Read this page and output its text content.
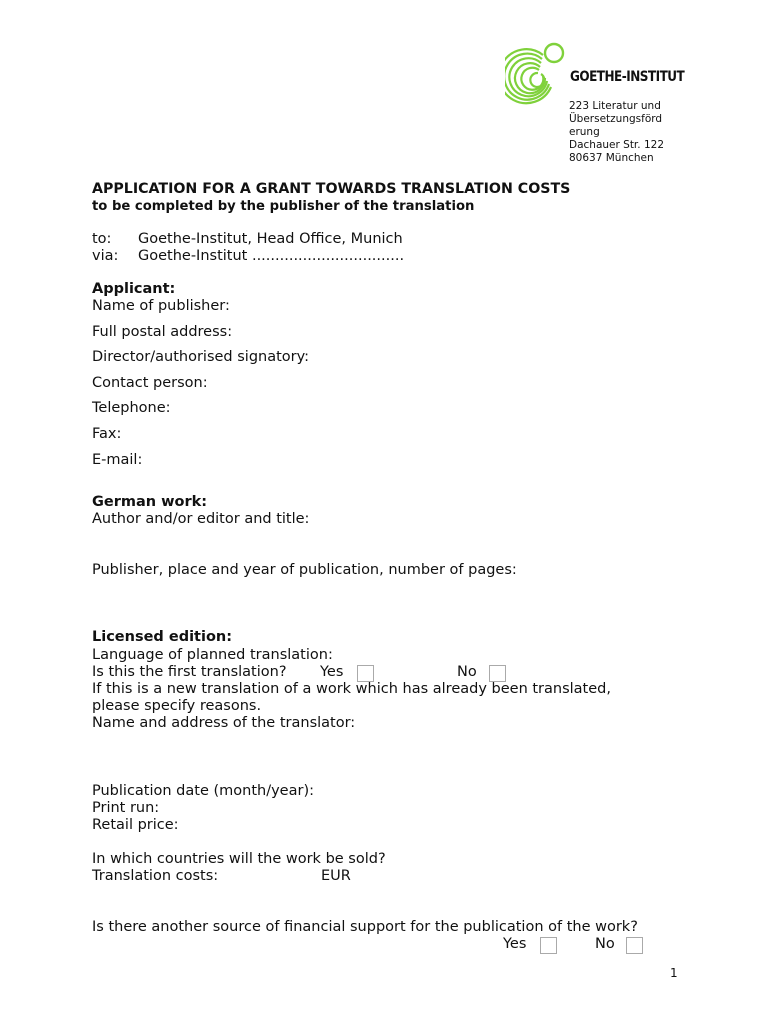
GOETHE-INSTITUT
223 Literatur und
Übersetzungsförd
erung
Dachauer Str. 122
80637 München
APPLICATION FOR A GRANT TOWARDS TRANSLATION COSTS
to be completed by the publisher of the translation
to: Goethe-Institut, Head Office, Munich
via: Goethe-Institut .................................
Applicant:
Name of publisher:
Full postal address:
Director/authorised signatory:
Contact person:
Telephone:
Fax:
E-mail:
German work:
Author and/or editor and title:
Publisher, place and year of publication, number of pages:
Licensed edition:
Language of planned translation:
Is this the first translation? Yes	No
If this is a new translation of a work which has already been translated,
please specify reasons.
Name and address of the translator:
Publication date (month/year):
Print run:
Retail price:
In which countries will the work be sold?
Translation costs:	EUR
Is there another source of financial support for the publication of the work?
Yes	No
1
